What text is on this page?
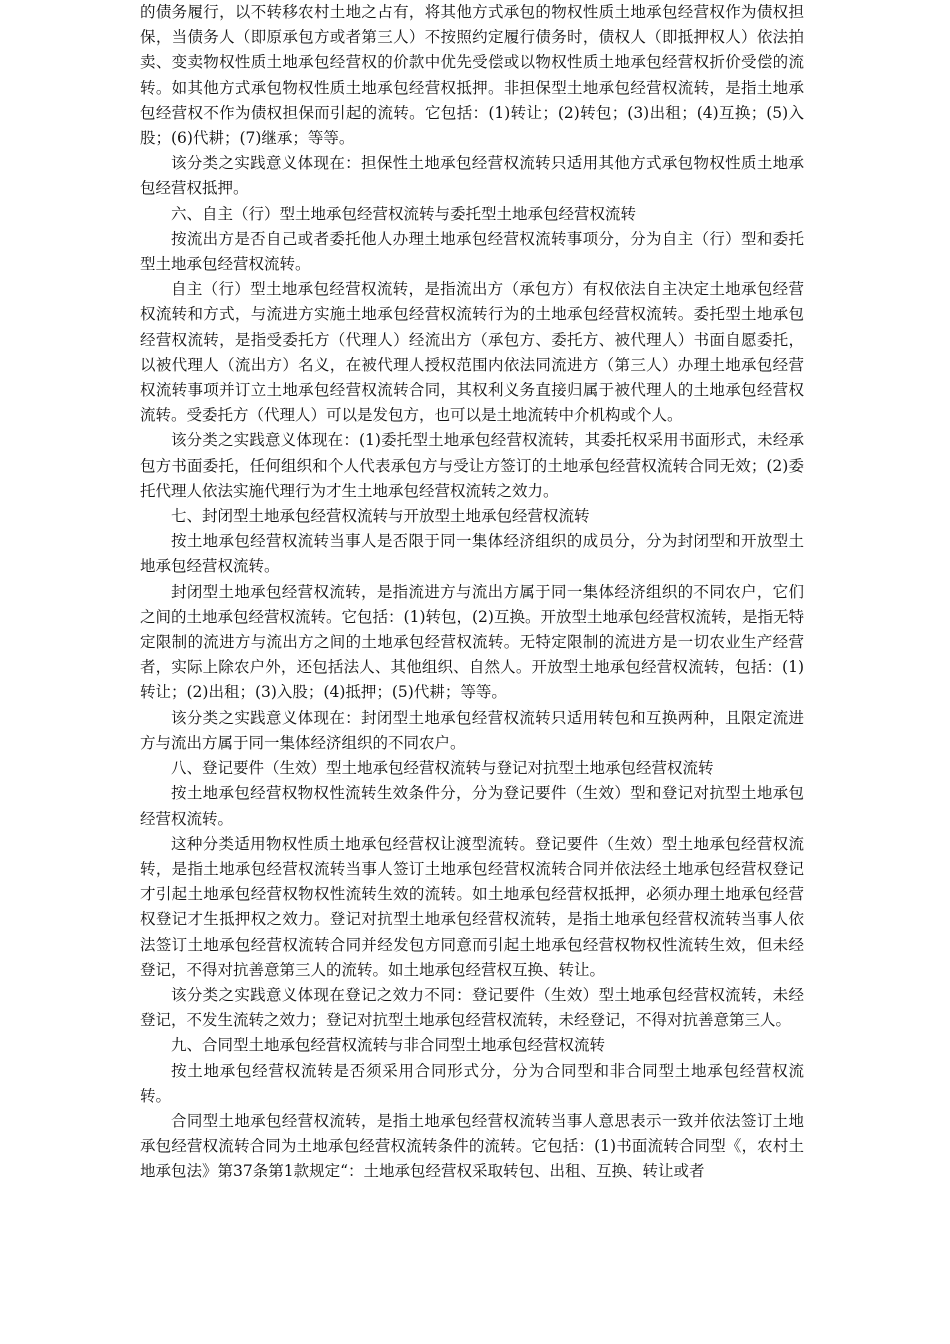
的债务履行，以不转移农村土地之占有，将其他方式承包的物权性质土地承包经营权作为债权担保，当债务人（即原承包方或者第三人）不按照约定履行债务时，债权人（即抵押权人）依法拍卖、变卖物权性质土地承包经营权的价款中优先受偿或以物权性质土地承包经营权折价受偿的流转。如其他方式承包物权性质土地承包经营权抵押。非担保型土地承包经营权流转，是指土地承包经营权不作为债权担保而引起的流转。它包括：(1)转让；(2)转包；(3)出租；(4)互换；(5)入股；(6)代耕；(7)继承；等等。

该分类之实践意义体现在：担保性土地承包经营权流转只适用其他方式承包物权性质土地承包经营权抵押。

六、自主（行）型土地承包经营权流转与委托型土地承包经营权流转

按流出方是否自己或者委托他人办理土地承包经营权流转事项分，分为自主（行）型和委托型土地承包经营权流转。

自主（行）型土地承包经营权流转，是指流出方（承包方）有权依法自主决定土地承包经营权流转和方式，与流进方实施土地承包经营权流转行为的土地承包经营权流转。委托型土地承包经营权流转，是指受委托方（代理人）经流出方（承包方、委托方、被代理人）书面自愿委托，以被代理人（流出方）名义，在被代理人授权范围内依法同流进方（第三人）办理土地承包经营权流转事项并订立土地承包经营权流转合同，其权利义务直接归属于被代理人的土地承包经营权流转。受委托方（代理人）可以是发包方，也可以是土地流转中介机构或个人。

该分类之实践意义体现在：(1)委托型土地承包经营权流转，其委托权采用书面形式，未经承包方书面委托，任何组织和个人代表承包方与受让方签订的土地承包经营权流转合同无效；(2)委托代理人依法实施代理行为才生土地承包经营权流转之效力。

七、封闭型土地承包经营权流转与开放型土地承包经营权流转

按土地承包经营权流转当事人是否限于同一集体经济组织的成员分，分为封闭型和开放型土地承包经营权流转。

封闭型土地承包经营权流转，是指流进方与流出方属于同一集体经济组织的不同农户，它们之间的土地承包经营权流转。它包括：(1)转包，(2)互换。开放型土地承包经营权流转，是指无特定限制的流进方与流出方之间的土地承包经营权流转。无特定限制的流进方是一切农业生产经营者，实际上除农户外，还包括法人、其他组织、自然人。开放型土地承包经营权流转，包括：(1)转让；(2)出租；(3)入股；(4)抵押；(5)代耕；等等。

该分类之实践意义体现在：封闭型土地承包经营权流转只适用转包和互换两种，且限定流进方与流出方属于同一集体经济组织的不同农户。

八、登记要件（生效）型土地承包经营权流转与登记对抗型土地承包经营权流转

按土地承包经营权物权性流转生效条件分，分为登记要件（生效）型和登记对抗型土地承包经营权流转。

这种分类适用物权性质土地承包经营权让渡型流转。登记要件（生效）型土地承包经营权流转，是指土地承包经营权流转当事人签订土地承包经营权流转合同并依法经土地承包经营权登记才引起土地承包经营权物权性流转生效的流转。如土地承包经营权抵押，必须办理土地承包经营权登记才生抵押权之效力。登记对抗型土地承包经营权流转，是指土地承包经营权流转当事人依法签订土地承包经营权流转合同并经发包方同意而引起土地承包经营权物权性流转生效，但未经登记，不得对抗善意第三人的流转。如土地承包经营权互换、转让。

该分类之实践意义体现在登记之效力不同：登记要件（生效）型土地承包经营权流转，未经登记，不发生流转之效力；登记对抗型土地承包经营权流转，未经登记，不得对抗善意第三人。

九、合同型土地承包经营权流转与非合同型土地承包经营权流转

按土地承包经营权流转是否须采用合同形式分，分为合同型和非合同型土地承包经营权流转。

合同型土地承包经营权流转，是指土地承包经营权流转当事人意思表示一致并依法签订土地承包经营权流转合同为土地承包经营权流转条件的流转。它包括：(1)书面流转合同型《，农村土地承包法》第37条第1款规定“：土地承包经营权采取转包、出租、互换、转让或者
